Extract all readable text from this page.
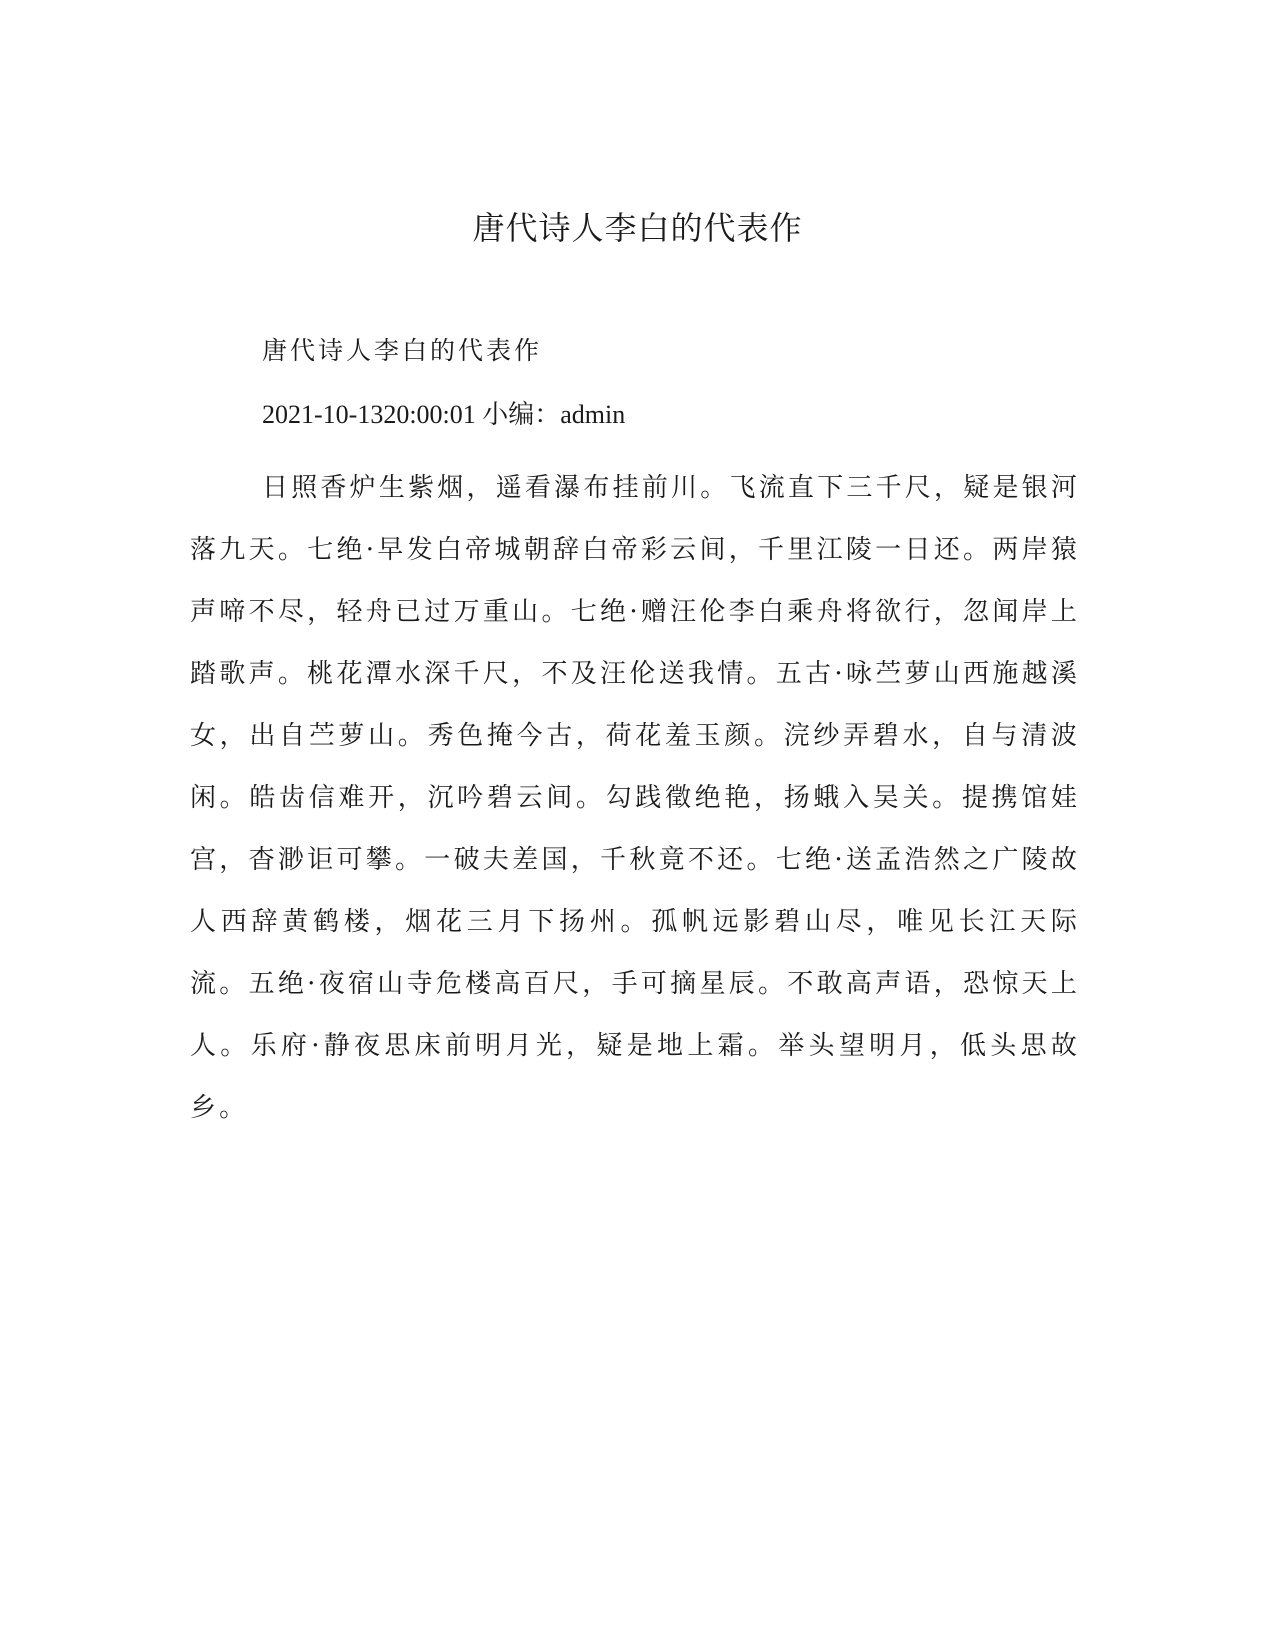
唐代诗人李白的代表作

唐代诗人李白的代表作

2021-10-1320:00:01 小编：admin

日照香炉生紫烟，遥看瀑布挂前川。飞流直下三千尺，疑是银河落九天。七绝·早发白帝城朝辞白帝彩云间，千里江陵一日还。两岸猿声啼不尽，轻舟已过万重山。七绝·赠汪伦李白乘舟将欲行，忽闻岸上踏歌声。桃花潭水深千尺，不及汪伦送我情。五古·咏苎萝山西施越溪女，出自苎萝山。秀色掩今古，荷花羞玉颜。浣纱弄碧水，自与清波闲。皓齿信难开，沉吟碧云间。勾践徵绝艳，扬蛾入吴关。提携馆娃宫，杳渺讵可攀。一破夫差国，千秋竟不还。七绝·送孟浩然之广陵故人西辞黄鹤楼，烟花三月下扬州。孤帆远影碧山尽，唯见长江天际流。五绝·夜宿山寺危楼高百尺，手可摘星辰。不敢高声语，恐惊天上人。乐府·静夜思床前明月光，疑是地上霜。举头望明月，低头思故乡。
